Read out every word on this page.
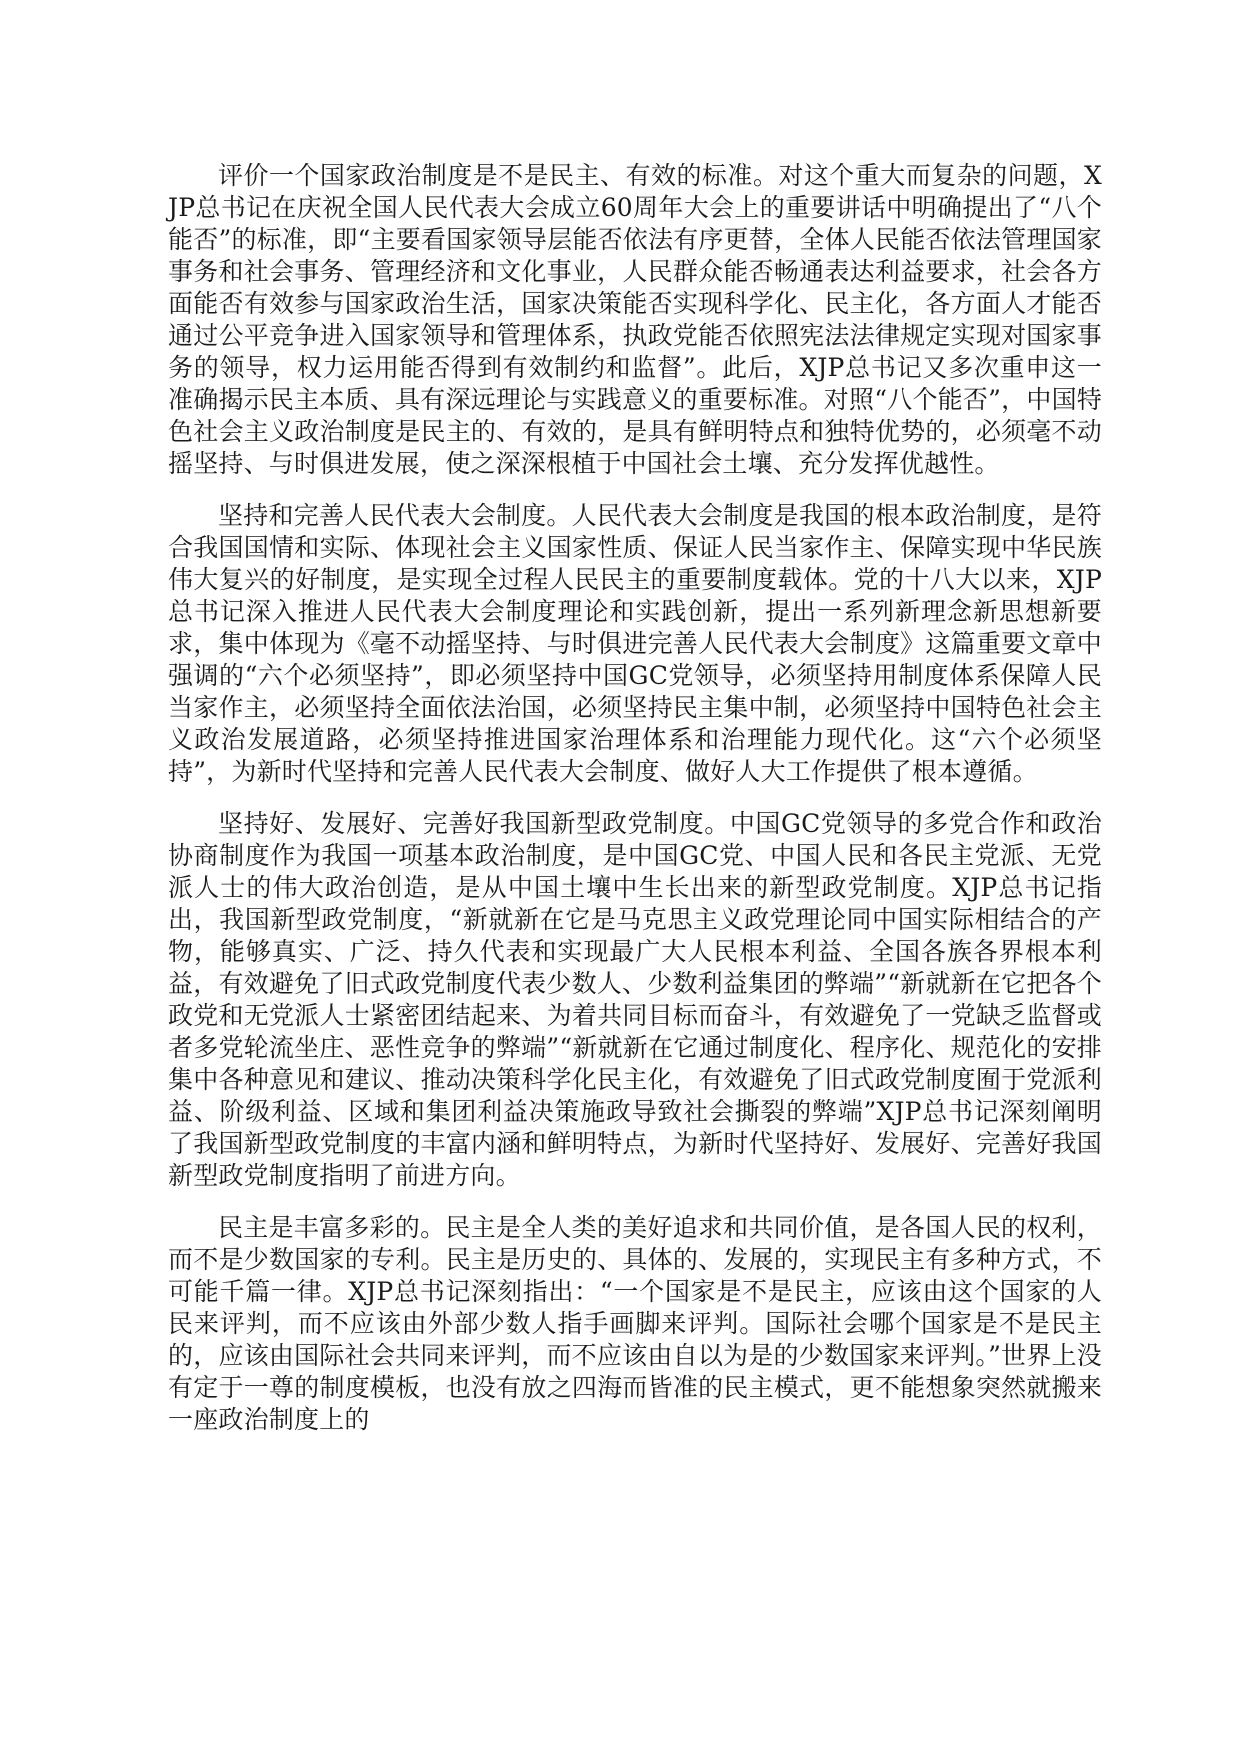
评价一个国家政治制度是不是民主、有效的标准。对这个重大而复杂的问题，XJP总书记在庆祝全国人民代表大会成立60周年大会上的重要讲话中明确提出了“八个能否”的标准，即“主要看国家领导层能否依法有序更替，全体人民能否依法管理国家事务和社会事务、管理经济和文化事业，人民群众能否畅通表达利益要求，社会各方面能否有效参与国家政治生活，国家决策能否实现科学化、民主化，各方面人才能否通过公平竞争进入国家领导和管理体系，执政党能否依照宪法法律规定实现对国家事务的领导，权力运用能否得到有效制约和监督”。此后，XJP总书记又多次重申这一准确揭示民主本质、具有深远理论与实践意义的重要标准。对照“八个能否”，中国特色社会主义政治制度是民主的、有效的，是具有鲜明特点和独特优势的，必须毫不动摇坚持、与时俱进发展，使之深深根植于中国社会土壤、充分发挥优越性。

坚持和完善人民代表大会制度。人民代表大会制度是我国的根本政治制度，是符合我国国情和实际、体现社会主义国家性质、保证人民当家作主、保障实现中华民族伟大复兴的好制度，是实现全过程人民民主的重要制度载体。党的十八大以来，XJP总书记深入推进人民代表大会制度理论和实践创新，提出一系列新理念新思想新要求，集中体现为《毫不动摇坚持、与时俱进完善人民代表大会制度》这篇重要文章中强调的“六个必须坚持”，即必须坚持中国GC党领导，必须坚持用制度体系保障人民当家作主，必须坚持全面依法治国，必须坚持民主集中制，必须坚持中国特色社会主义政治发展道路，必须坚持推进国家治理体系和治理能力现代化。这“六个必须坚持”，为新时代坚持和完善人民代表大会制度、做好人大工作提供了根本遵循。

坚持好、发展好、完善好我国新型政党制度。中国GC党领导的多党合作和政治协商制度作为我国一项基本政治制度，是中国GC党、中国人民和各民主党派、无党派人士的伟大政治创造，是从中国土壤中生长出来的新型政党制度。XJP总书记指出，我国新型政党制度，“新就新在它是马克思主义政党理论同中国实际相结合的产物，能够真实、广泛、持久代表和实现最广大人民根本利益、全国各族各界根本利益，有效避免了旧式政党制度代表少数人、少数利益集团的弊端”“新就新在它把各个政党和无党派人士紧密团结起来、为着共同目标而奋斗，有效避免了一党缺乏监督或者多党轮流坐庄、恶性竞争的弊端”“新就新在它通过制度化、程序化、规范化的安排集中各种意见和建议、推动决策科学化民主化，有效避免了旧式政党制度囿于党派利益、阶级利益、区域和集团利益决策施政导致社会撕裂的弊端”XJP总书记深刻阐明了我国新型政党制度的丰富内涵和鲜明特点，为新时代坚持好、发展好、完善好我国新型政党制度指明了前进方向。

民主是丰富多彩的。民主是全人类的美好追求和共同价值，是各国人民的权利，而不是少数国家的专利。民主是历史的、具体的、发展的，实现民主有多种方式，不可能千篇一律。XJP总书记深刻指出：“一个国家是不是民主，应该由这个国家的人民来评判，而不应该由外部少数人指手画脚来评判。国际社会哪个国家是不是民主的，应该由国际社会共同来评判，而不应该由自以为是的少数国家来评判。”世界上没有定于一尊的制度模板，也没有放之四海而皆准的民主模式，更不能想象突然就搬来一座政治制度上的
